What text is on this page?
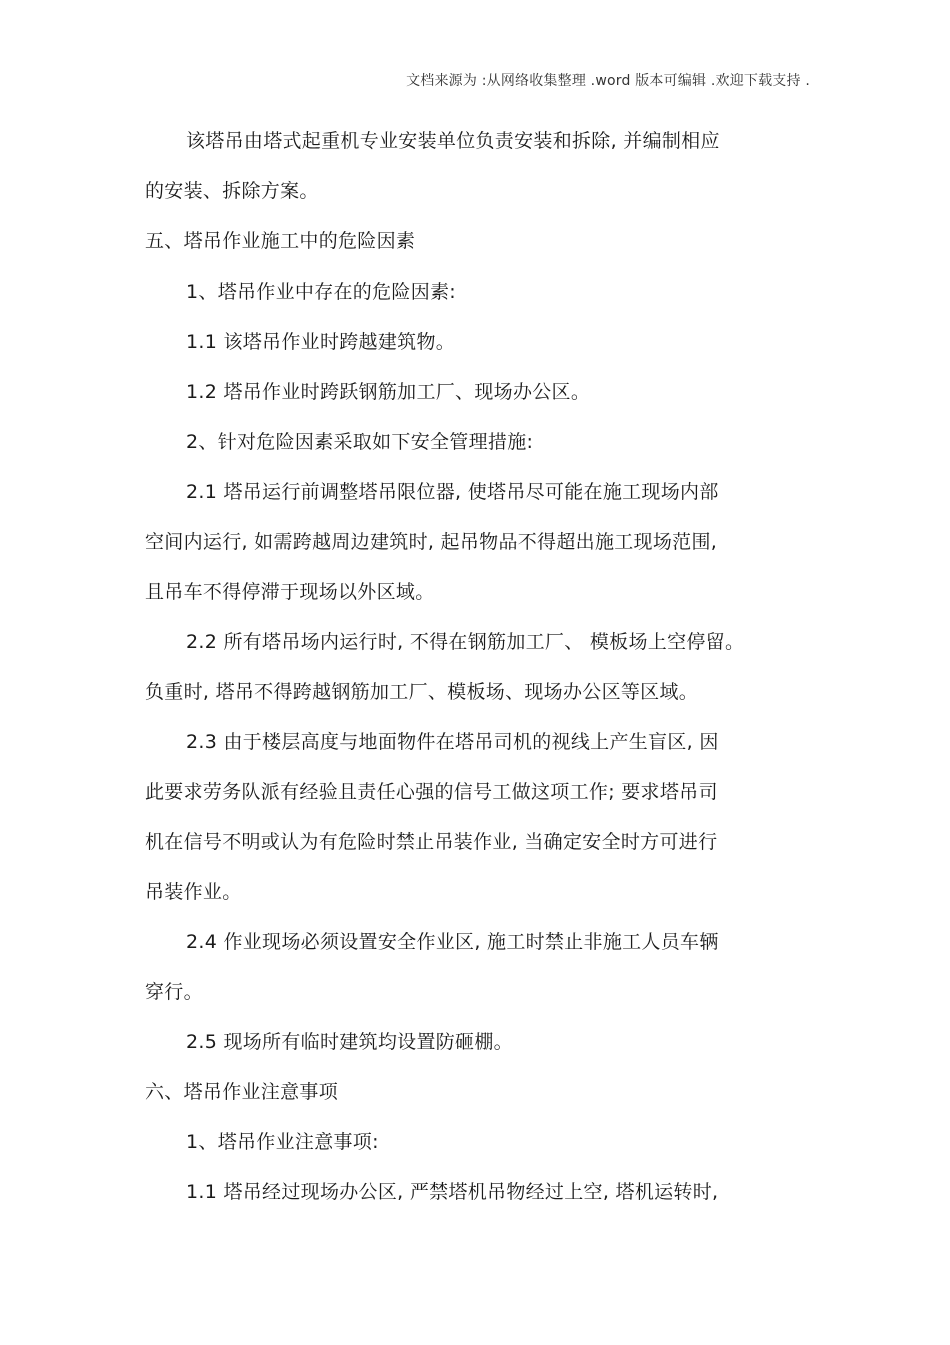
文档来源为 :从网络收集整理 .word 版本可编辑 .欢迎下载支持 .
该塔吊由塔式起重机专业安装单位负责安装和拆除, 并编制相应
的安装、拆除方案。
五、塔吊作业施工中的危险因素
1、塔吊作业中存在的危险因素:
1.1 该塔吊作业时跨越建筑物。
1.2 塔吊作业时跨跃钢筋加工厂、现场办公区。
2、针对危险因素采取如下安全管理措施:
2.1 塔吊运行前调整塔吊限位器, 使塔吊尽可能在施工现场内部
空间内运行, 如需跨越周边建筑时, 起吊物品不得超出施工现场范围,
且吊车不得停滞于现场以外区域。
2.2 所有塔吊场内运行时, 不得在钢筋加工厂、 模板场上空停留。
负重时, 塔吊不得跨越钢筋加工厂、模板场、现场办公区等区域。
2.3 由于楼层高度与地面物件在塔吊司机的视线上产生盲区, 因
此要求劳务队派有经验且责任心强的信号工做这项工作; 要求塔吊司
机在信号不明或认为有危险时禁止吊装作业, 当确定安全时方可进行
吊装作业。
2.4 作业现场必须设置安全作业区, 施工时禁止非施工人员车辆
穿行。
2.5 现场所有临时建筑均设置防砸棚。
六、塔吊作业注意事项
1、塔吊作业注意事项:
1.1 塔吊经过现场办公区, 严禁塔机吊物经过上空, 塔机运转时,
